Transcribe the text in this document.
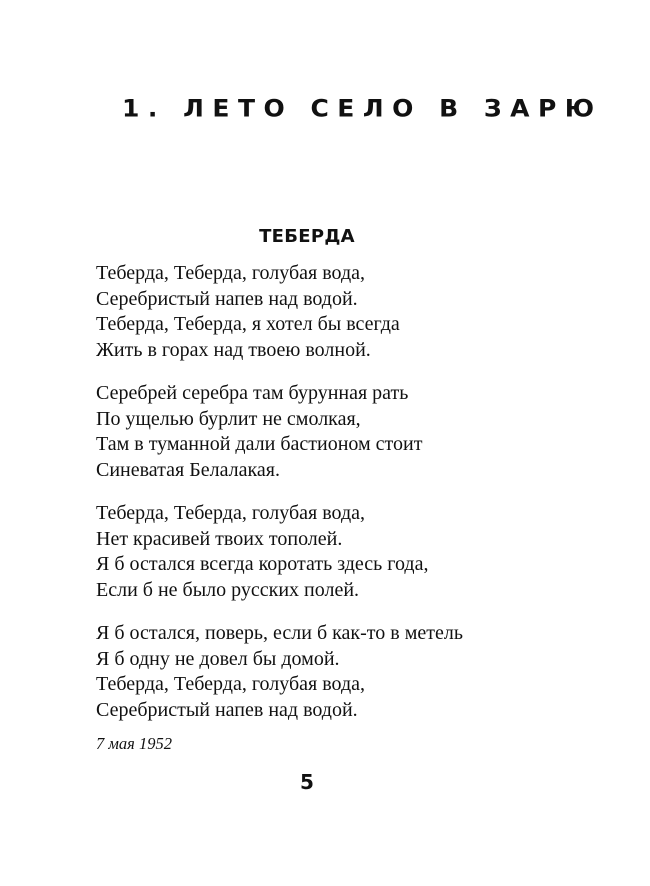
1. ЛЕТО СЕЛО В ЗАРЮ
ТЕБЕРДА
Теберда, Теберда, голубая вода,
Серебристый напев над водой.
Теберда, Теберда, я хотел бы всегда
Жить в горах над твоею волной.
Серебрей серебра там бурунная рать
По ущелью бурлит не смолкая,
Там в туманной дали бастионом стоит
Синеватая Белалакая.
Теберда, Теберда, голубая вода,
Нет красивей твоих тополей.
Я б остался всегда коротать здесь года,
Если б не было русских полей.
Я б остался, поверь, если б как-то в метель
Я б одну не довел бы домой.
Теберда, Теберда, голубая вода,
Серебристый напев над водой.
7 мая 1952
5
